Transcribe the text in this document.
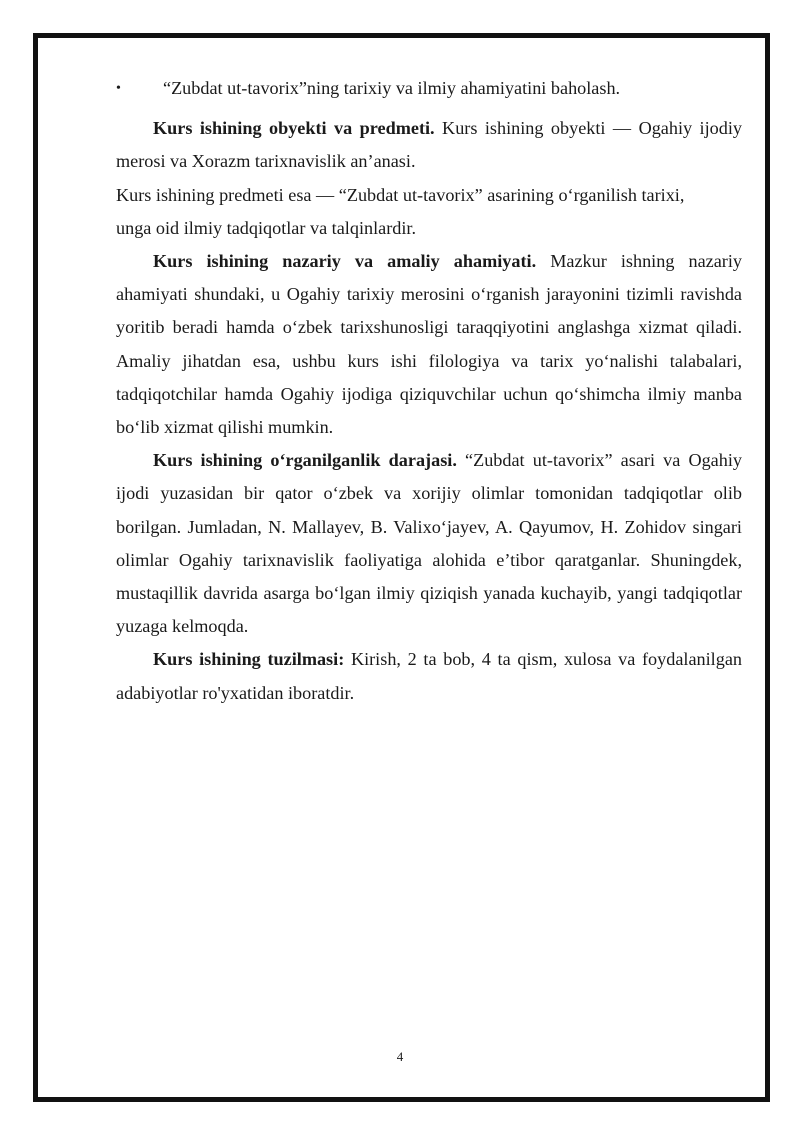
• “Zubdat ut-tavorix”ning tarixiy va ilmiy ahamiyatini baholash.

Kurs ishining obyekti va predmeti. Kurs ishining obyekti — Ogahiy ijodiy merosi va Xorazm tarixnavislik an’anasi.

Kurs ishining predmeti esa — “Zubdat ut-tavorix” asarining o‘rganilish tarixi,
unga oid ilmiy tadqiqotlar va talqinlardir.

Kurs ishining nazariy va amaliy ahamiyati. Mazkur ishning nazariy ahamiyati shundaki, u Ogahiy tarixiy merosini o‘rganish jarayonini tizimli ravishda yoritib beradi hamda o‘zbek tarixshunosligi taraqqiyotini anglashga xizmat qiladi. Amaliy jihatdan esa, ushbu kurs ishi filologiya va tarix yo‘nalishi talabalari, tadqiqotchilar hamda Ogahiy ijodiga qiziquvchilar uchun qo‘shimcha ilmiy manba bo‘lib xizmat qilishi mumkin.

Kurs ishining o‘rganilganlik darajasi. “Zubdat ut-tavorix” asari va Ogahiy ijodi yuzasidan bir qator o‘zbek va xorijiy olimlar tomonidan tadqiqotlar olib borilgan. Jumladan, N. Mallayev, B. Valixo‘jayev, A. Qayumov, H. Zohidov singari olimlar Ogahiy tarixnavislik faoliyatiga alohida e’tibor qaratganlar. Shuningdek, mustaqillik davrida asarga bo‘lgan ilmiy qiziqish yanada kuchayib, yangi tadqiqotlar yuzaga kelmoqda.

Kurs ishining tuzilmasi: Kirish, 2 ta bob, 4 ta qism, xulosa va foydalanilgan adabiyotlar ro'yxatidan iboratdir.

4
